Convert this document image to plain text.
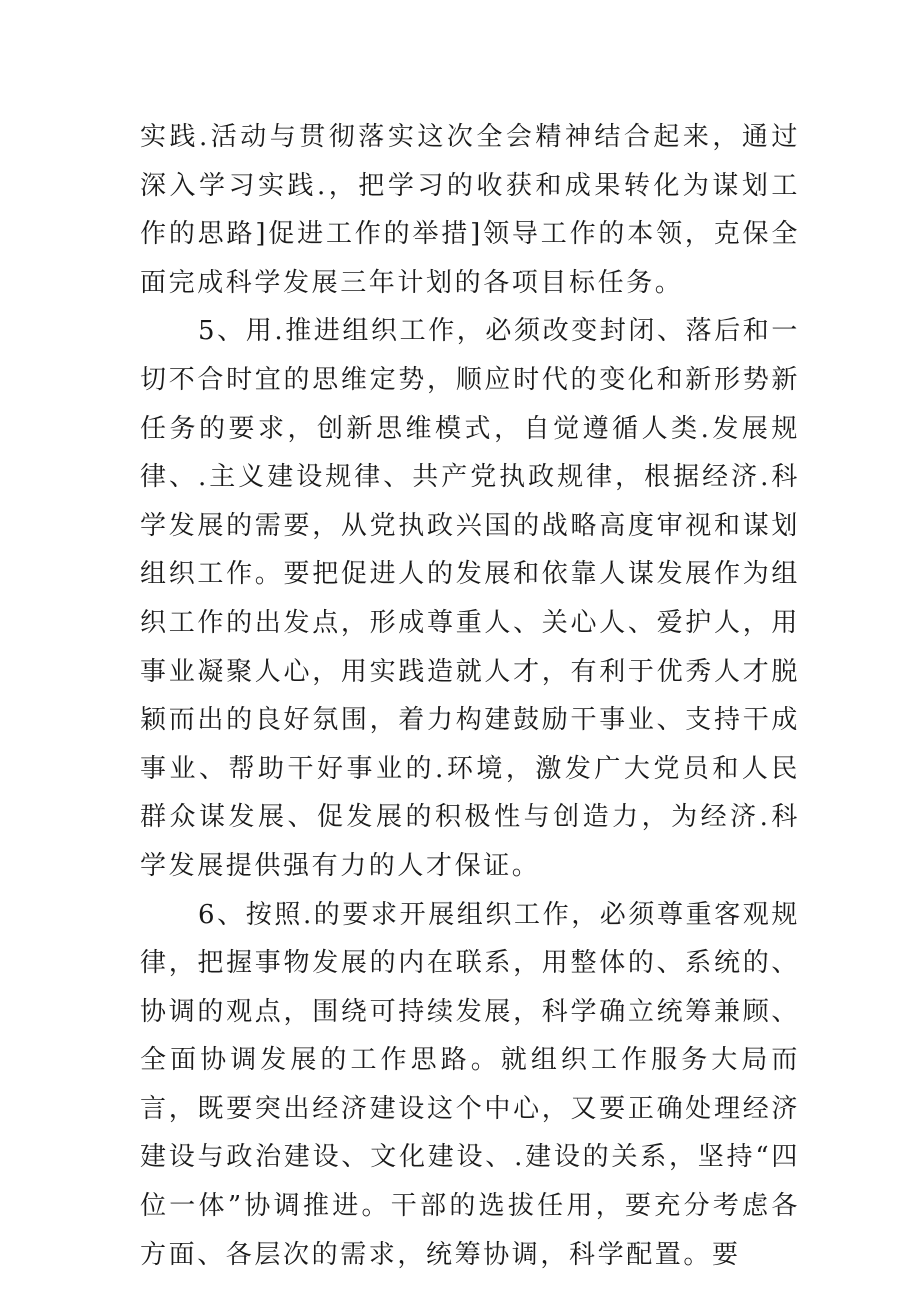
实践.活动与贯彻落实这次全会精神结合起来，通过深入学习实践.，把学习的收获和成果转化为谋划工作的思路]促进工作的举措]领导工作的本领，克保全面完成科学发展三年计划的各项目标任务。

5、用.推进组织工作，必须改变封闭、落后和一切不合时宜的思维定势，顺应时代的变化和新形势新任务的要求，创新思维模式，自觉遵循人类.发展规律、.主义建设规律、共产党执政规律，根据经济.科学发展的需要，从党执政兴国的战略高度审视和谋划组织工作。要把促进人的发展和依靠人谋发展作为组织工作的出发点，形成尊重人、关心人、爱护人，用事业凝聚人心，用实践造就人才，有利于优秀人才脱颖而出的良好氛围，着力构建鼓励干事业、支持干成事业、帮助干好事业的.环境，激发广大党员和人民群众谋发展、促发展的积极性与创造力，为经济.科学发展提供强有力的人才保证。

6、按照.的要求开展组织工作，必须尊重客观规律，把握事物发展的内在联系，用整体的、系统的、协调的观点，围绕可持续发展，科学确立统筹兼顾、全面协调发展的工作思路。就组织工作服务大局而言，既要突出经济建设这个中心，又要正确处理经济建设与政治建设、文化建设、.建设的关系，坚持“四位一体”协调推进。干部的选拔任用，要充分考虑各方面、各层次的需求，统筹协调，科学配置。要
